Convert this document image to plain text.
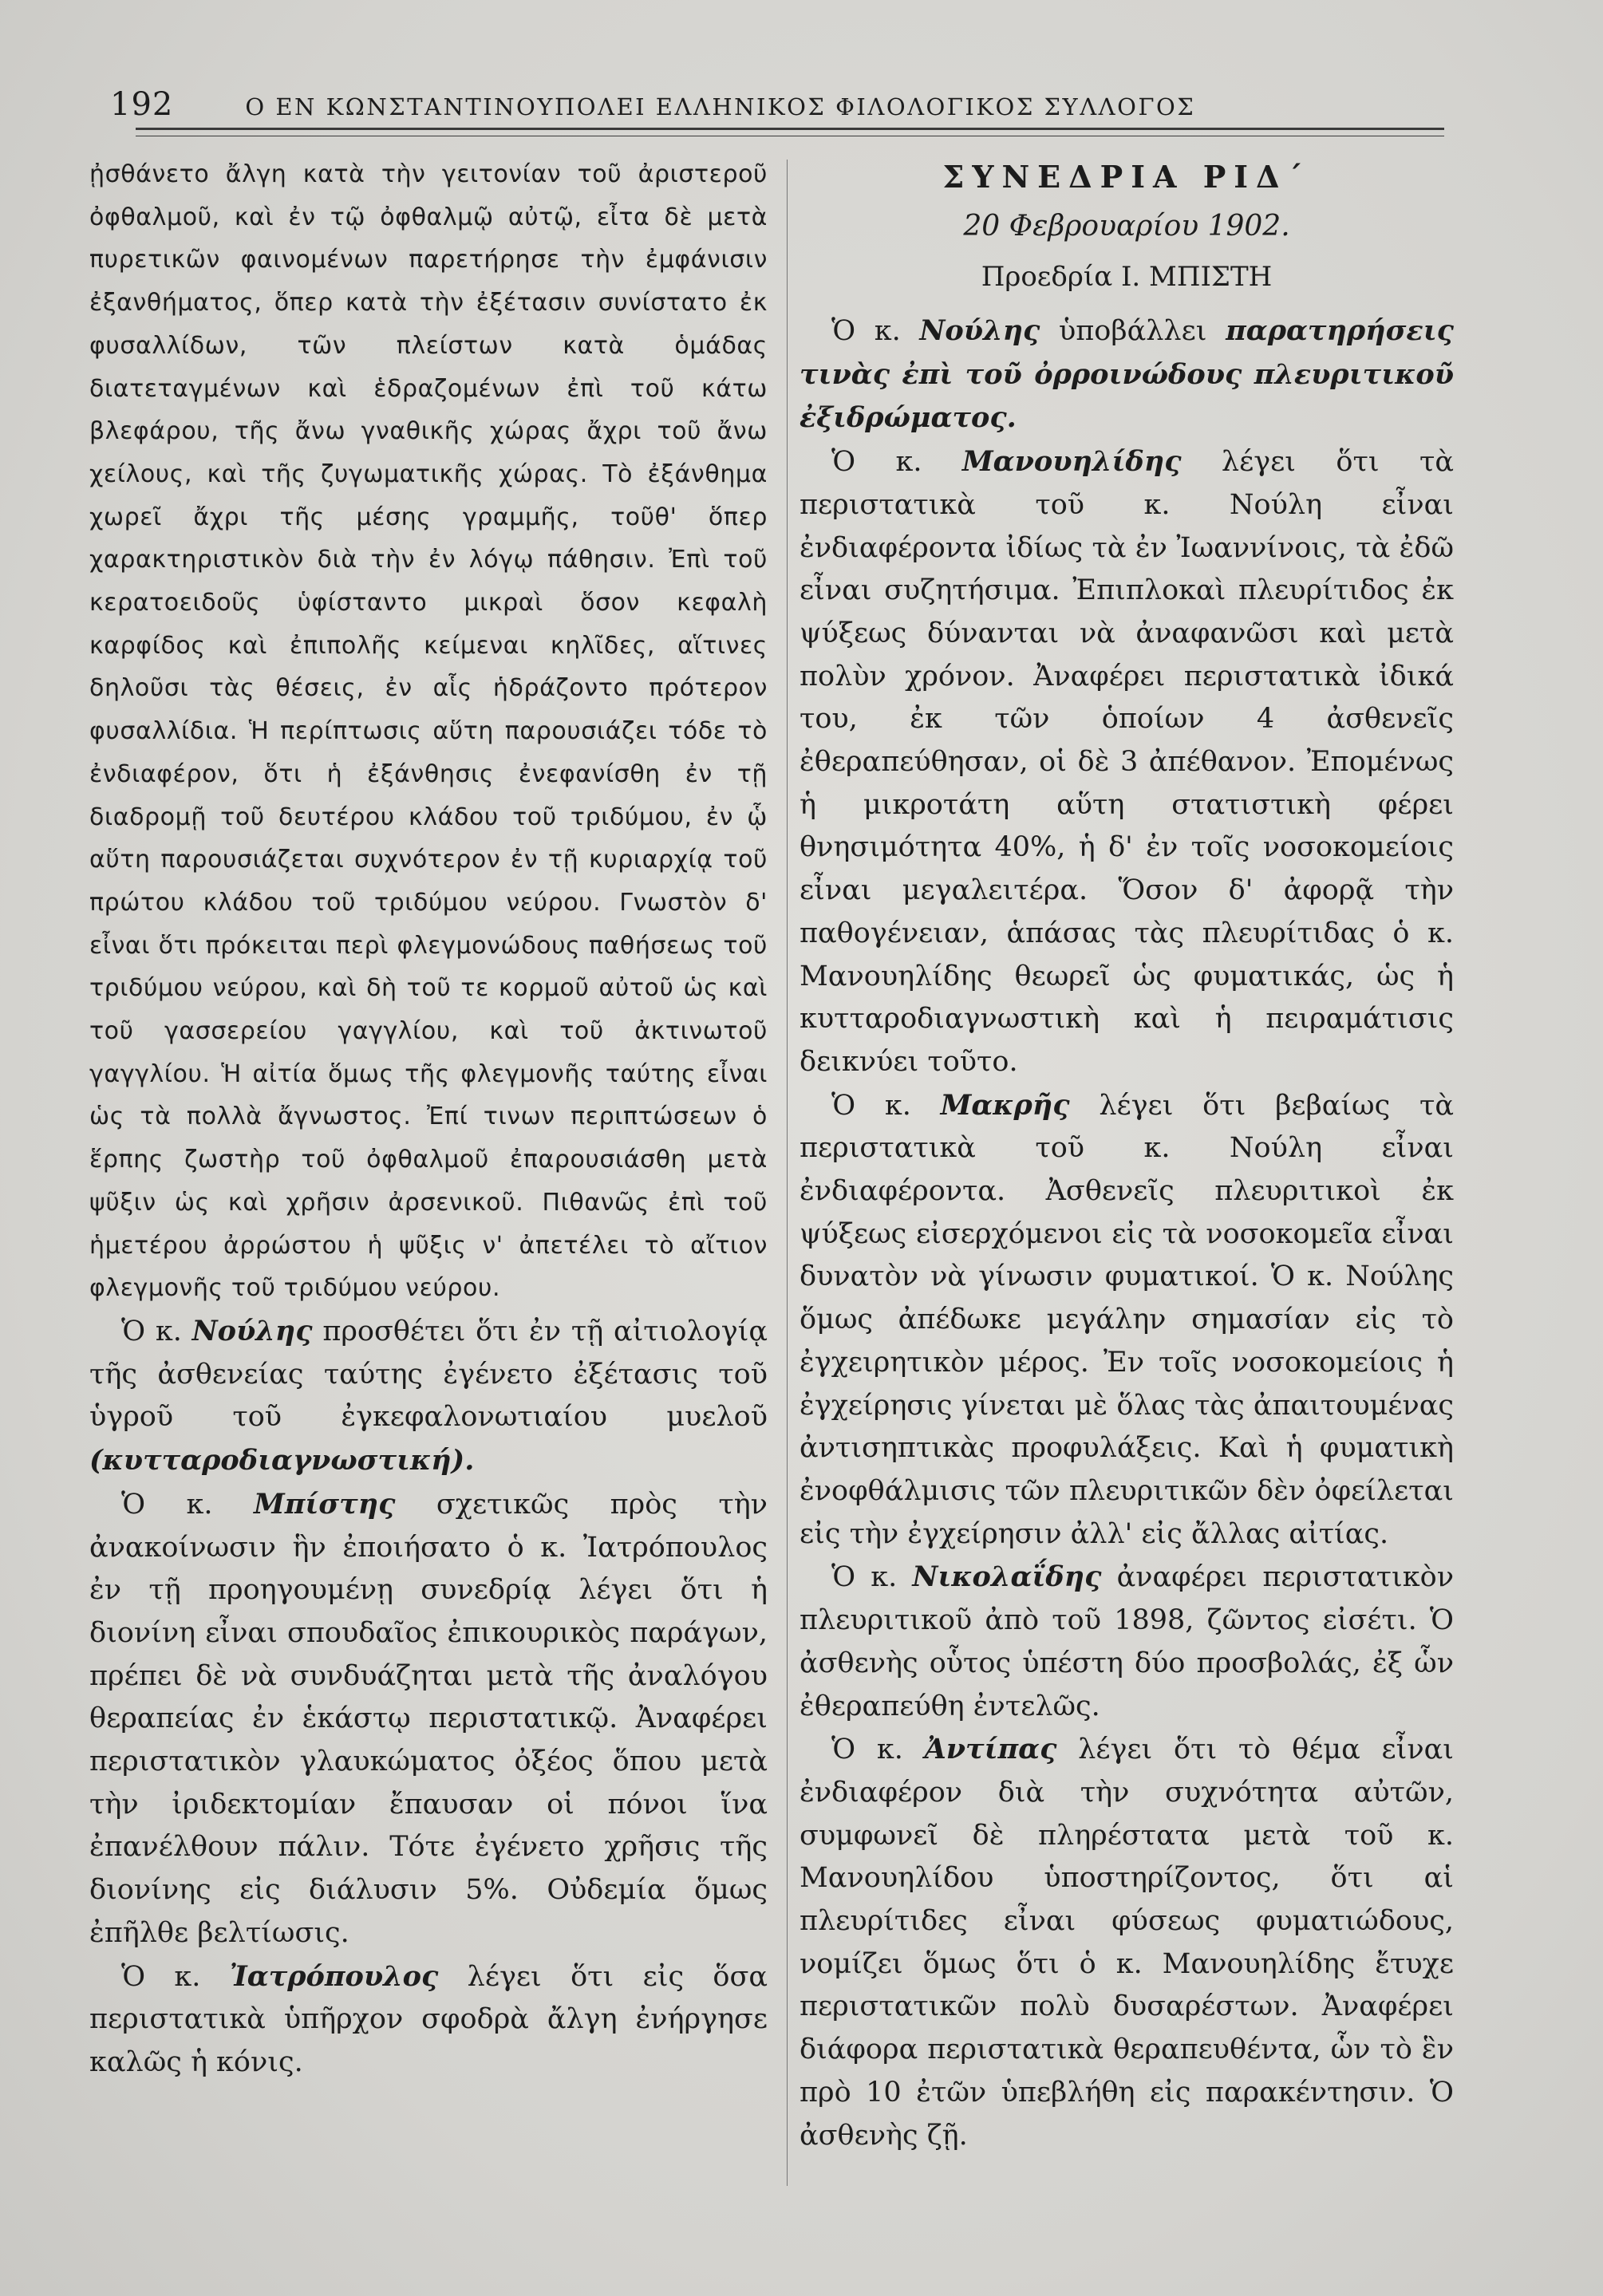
192	Ο ΕΝ ΚΩΝΣΤΑΝΤΙΝΟΥΠΟΛΕΙ ΕΛΛΗΝΙΚΟΣ ΦΙΛΟΛΟΓΙΚΟΣ ΣΥΛΛΟΓΟΣ

ᾐσθάνετο ἄλγη κατὰ τὴν γειτονίαν τοῦ ἀριστεροῦ ὀφθαλμοῦ, καὶ ἐν τῷ ὀφθαλμῷ αὐτῷ, εἶτα δὲ μετὰ πυρετικῶν φαινομένων παρετήρησε τὴν ἐμφάνισιν ἐξανθήματος, ὅπερ κατὰ τὴν ἐξέτασιν συνίστατο ἐκ φυσαλλίδων, τῶν πλείστων κατὰ ὁμάδας διατεταγμένων καὶ ἑδραζομένων ἐπὶ τοῦ κάτω βλεφάρου, τῆς ἄνω γναθικῆς χώρας ἄχρι τοῦ ἄνω χείλους, καὶ τῆς ζυγωματικῆς χώρας. Τὸ ἐξάνθημα χωρεῖ ἄχρι τῆς μέσης γραμμῆς, τοῦθ' ὅπερ χαρακτηριστικὸν διὰ τὴν ἐν λόγῳ πάθησιν. Ἐπὶ τοῦ κερατοειδοῦς ὑφίσταντο μικραὶ ὅσον κεφαλὴ καρφίδος καὶ ἐπιπολῆς κείμεναι κηλῖδες, αἵτινες δηλοῦσι τὰς θέσεις, ἐν αἷς ἡδράζοντο πρότερον φυσαλλίδια. Ἡ περίπτωσις αὕτη παρουσιάζει τόδε τὸ ἐνδιαφέρον, ὅτι ἡ ἐξάνθησις ἐνεφανίσθη ἐν τῇ διαδρομῇ τοῦ δευτέρου κλάδου τοῦ τριδύμου, ἐν ᾧ αὕτη παρουσιάζεται συχνότερον ἐν τῇ κυριαρχίᾳ τοῦ πρώτου κλάδου τοῦ τριδύμου νεύρου. Γνωστὸν δ' εἶναι ὅτι πρόκειται περὶ φλεγμονώδους παθήσεως τοῦ τριδύμου νεύρου, καὶ δὴ τοῦ τε κορμοῦ αὐτοῦ ὡς καὶ τοῦ γασσερείου γαγγλίου, καὶ τοῦ ἀκτινωτοῦ γαγγλίου. Ἡ αἰτία ὅμως τῆς φλεγμονῆς ταύτης εἶναι ὡς τὰ πολλὰ ἄγνωστος. Ἐπί τινων περιπτώσεων ὁ ἕρπης ζωστὴρ τοῦ ὀφθαλμοῦ ἐπαρουσιάσθη μετὰ ψῦξιν ὡς καὶ χρῆσιν ἀρσενικοῦ. Πιθανῶς ἐπὶ τοῦ ἡμετέρου ἀρρώστου ἡ ψῦξις ν' ἀπετέλει τὸ αἴτιον φλεγμονῆς τοῦ τριδύμου νεύρου.

Ὁ κ. Νούλης προσθέτει ὅτι ἐν τῇ αἰτιολογίᾳ τῆς ἀσθενείας ταύτης ἐγένετο ἐξέτασις τοῦ ὑγροῦ τοῦ ἐγκεφαλονωτιαίου μυελοῦ (κυτταροδιαγνωστική).

Ὁ κ. Μπίστης σχετικῶς πρὸς τὴν ἀνακοίνωσιν ἣν ἐποιήσατο ὁ κ. Ἰατρόπουλος ἐν τῇ προηγουμένῃ συνεδρίᾳ λέγει ὅτι ἡ διονίνη εἶναι σπουδαῖος ἐπικουρικὸς παράγων, πρέπει δὲ νὰ συνδυάζηται μετὰ τῆς ἀναλόγου θεραπείας ἐν ἑκάστῳ περιστατικῷ. Ἀναφέρει περιστατικὸν γλαυκώματος ὀξέος ὅπου μετὰ τὴν ἰριδεκτομίαν ἔπαυσαν οἱ πόνοι ἵνα ἐπανέλθουν πάλιν. Τότε ἐγένετο χρῆσις τῆς διονίνης εἰς διάλυσιν 5%. Οὐδεμία ὅμως ἐπῆλθε βελτίωσις.

Ὁ κ. Ἰατρόπουλος λέγει ὅτι εἰς ὅσα περιστατικὰ ὑπῆρχον σφοδρὰ ἄλγη ἐνήργησε καλῶς ἡ κόνις.

ΣΥΝΕΔΡΙΑ ΡΙΔ΄

20 Φεβρουαρίου 1902.

Προεδρία Ι. ΜΠΙΣΤΗ

Ὁ κ. Νούλης ὑποβάλλει παρατηρήσεις τινὰς ἐπὶ τοῦ ὀρροινώδους πλευριτικοῦ ἐξιδρώματος.

Ὁ κ. Μανουηλίδης λέγει ὅτι τὰ περιστατικὰ τοῦ κ. Νούλη εἶναι ἐνδιαφέροντα ἰδίως τὰ ἐν Ἰωαννίνοις, τὰ ἐδῶ εἶναι συζητήσιμα. Ἐπιπλοκαὶ πλευρίτιδος ἐκ ψύξεως δύνανται νὰ ἀναφανῶσι καὶ μετὰ πολὺν χρόνον. Ἀναφέρει περιστατικὰ ἰδικά του, ἐκ τῶν ὁποίων 4 ἀσθενεῖς ἐθεραπεύθησαν, οἱ δὲ 3 ἀπέθανον. Ἐπομένως ἡ μικροτάτη αὕτη στατιστικὴ φέρει θνησιμότητα 40%, ἡ δ' ἐν τοῖς νοσοκομείοις εἶναι μεγαλειτέρα. Ὅσον δ' ἀφορᾷ τὴν παθογένειαν, ἁπάσας τὰς πλευρίτιδας ὁ κ. Μανουηλίδης θεωρεῖ ὡς φυματικάς, ὡς ἡ κυτταροδιαγνωστικὴ καὶ ἡ πειραμάτισις δεικνύει τοῦτο.

Ὁ κ. Μακρῆς λέγει ὅτι βεβαίως τὰ περιστατικὰ τοῦ κ. Νούλη εἶναι ἐνδιαφέροντα. Ἀσθενεῖς πλευριτικοὶ ἐκ ψύξεως εἰσερχόμενοι εἰς τὰ νοσοκομεῖα εἶναι δυνατὸν νὰ γίνωσιν φυματικοί. Ὁ κ. Νούλης ὅμως ἀπέδωκε μεγάλην σημασίαν εἰς τὸ ἐγχειρητικὸν μέρος. Ἐν τοῖς νοσοκομείοις ἡ ἐγχείρησις γίνεται μὲ ὅλας τὰς ἀπαιτουμένας ἀντισηπτικὰς προφυλάξεις. Καὶ ἡ φυματικὴ ἐνοφθάλμισις τῶν πλευριτικῶν δὲν ὀφείλεται εἰς τὴν ἐγχείρησιν ἀλλ' εἰς ἄλλας αἰτίας.

Ὁ κ. Νικολαΐδης ἀναφέρει περιστατικὸν πλευριτικοῦ ἀπὸ τοῦ 1898, ζῶντος εἰσέτι. Ὁ ἀσθενὴς οὗτος ὑπέστη δύο προσβολάς, ἐξ ὧν ἐθεραπεύθη ἐντελῶς.

Ὁ κ. Ἀντίπας λέγει ὅτι τὸ θέμα εἶναι ἐνδιαφέρον διὰ τὴν συχνότητα αὐτῶν, συμφωνεῖ δὲ πληρέστατα μετὰ τοῦ κ. Μανουηλίδου ὑποστηρίζοντος, ὅτι αἱ πλευρίτιδες εἶναι φύσεως φυματιώδους, νομίζει ὅμως ὅτι ὁ κ. Μανουηλίδης ἔτυχε περιστατικῶν πολὺ δυσαρέστων. Ἀναφέρει διάφορα περιστατικὰ θεραπευθέντα, ὧν τὸ ἓν πρὸ 10 ἐτῶν ὑπεβλήθη εἰς παρακέντησιν. Ὁ ἀσθενὴς ζῇ.
